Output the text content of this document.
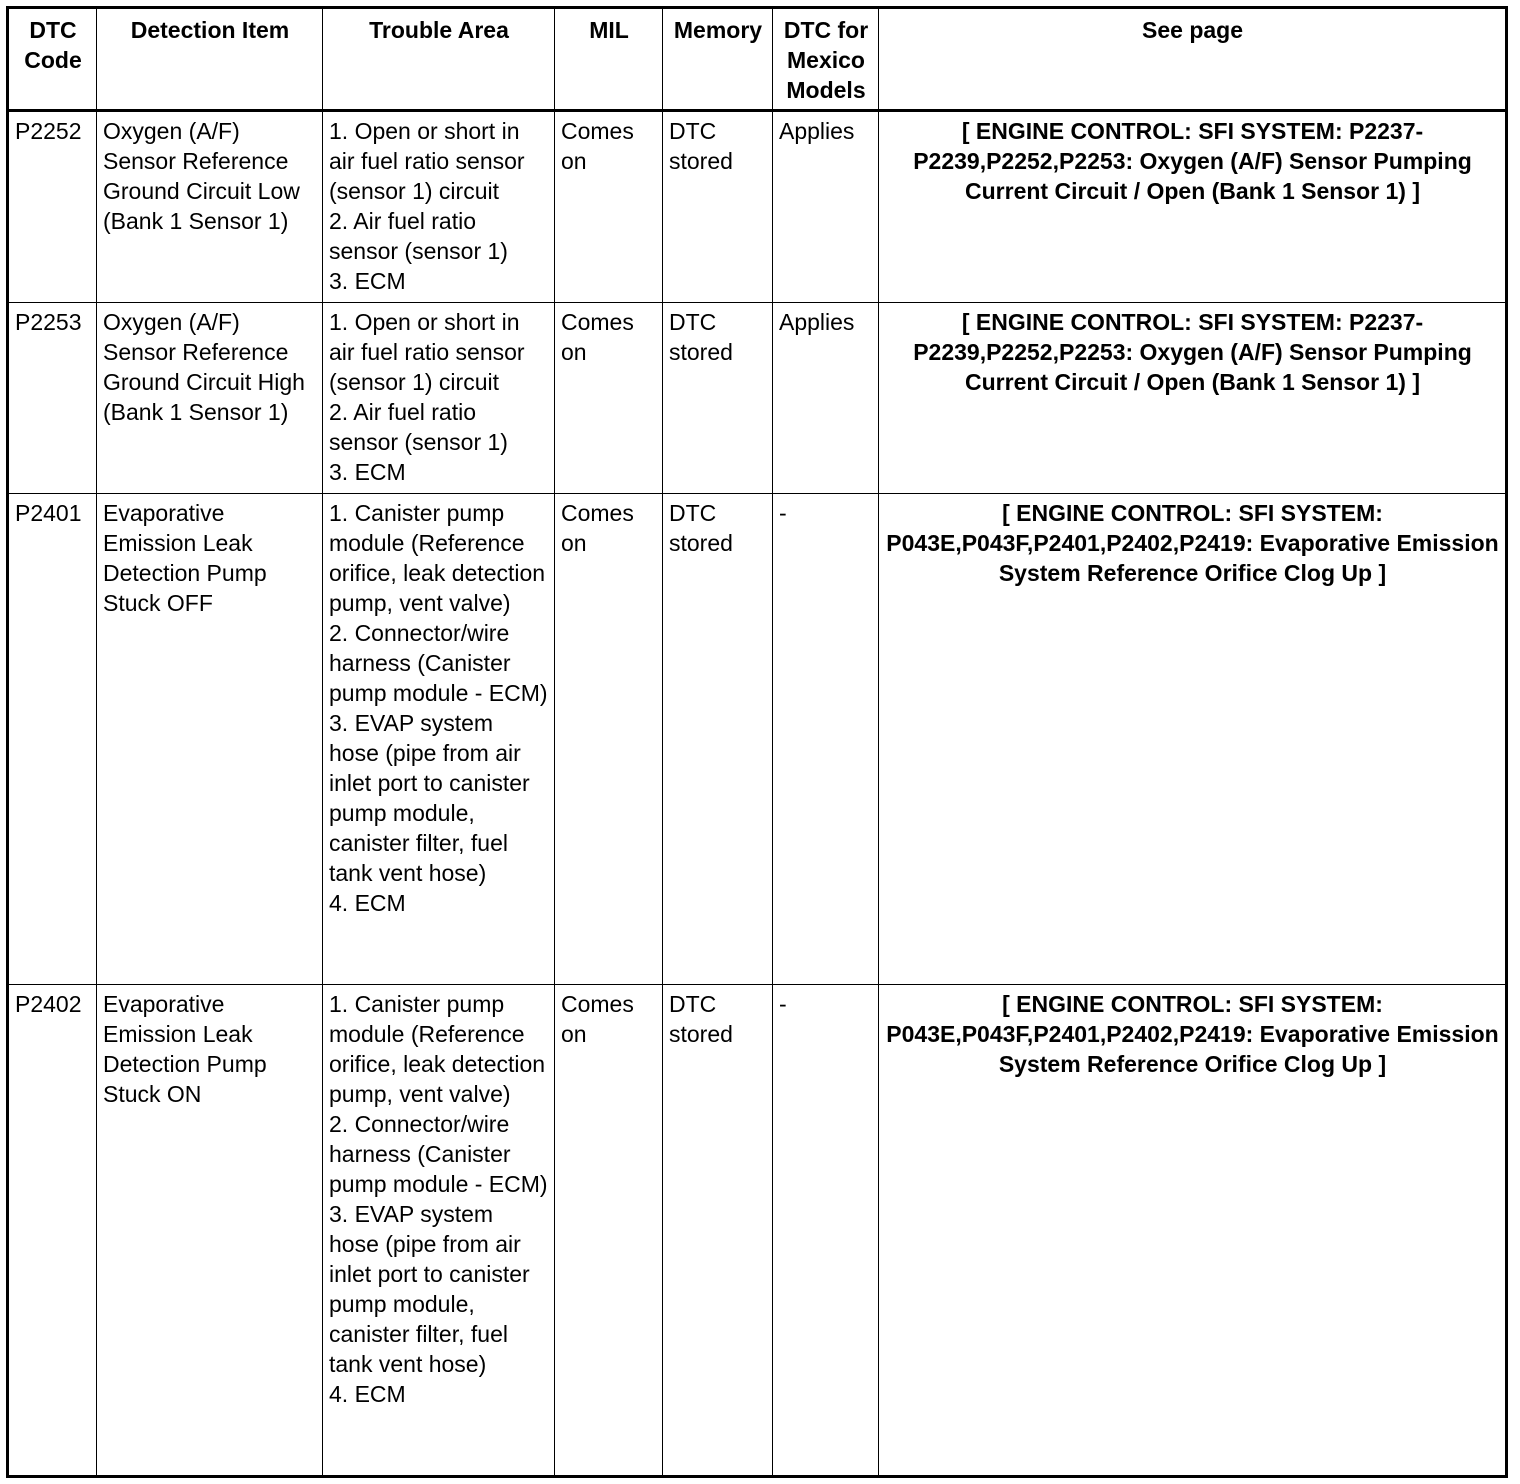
DTC Code	Detection Item	Trouble Area	MIL	Memory	DTC for Mexico Models	See page
P2252	Oxygen (A/F) Sensor Reference Ground Circuit Low (Bank 1 Sensor 1)	1. Open or short in air fuel ratio sensor (sensor 1) circuit
2. Air fuel ratio sensor (sensor 1)
3. ECM	Comes on	DTC stored	Applies	[ ENGINE CONTROL: SFI SYSTEM: P2237-P2239,P2252,P2253: Oxygen (A/F) Sensor Pumping Current Circuit / Open (Bank 1 Sensor 1) ]
P2253	Oxygen (A/F) Sensor Reference Ground Circuit High (Bank 1 Sensor 1)	1. Open or short in air fuel ratio sensor (sensor 1) circuit
2. Air fuel ratio sensor (sensor 1)
3. ECM	Comes on	DTC stored	Applies	[ ENGINE CONTROL: SFI SYSTEM: P2237-P2239,P2252,P2253: Oxygen (A/F) Sensor Pumping Current Circuit / Open (Bank 1 Sensor 1) ]
P2401	Evaporative Emission Leak Detection Pump Stuck OFF	1. Canister pump module (Reference orifice, leak detection pump, vent valve)
2. Connector/wire harness (Canister pump module - ECM)
3. EVAP system hose (pipe from air inlet port to canister pump module, canister filter, fuel tank vent hose)
4. ECM	Comes on	DTC stored	-	[ ENGINE CONTROL: SFI SYSTEM: P043E,P043F,P2401,P2402,P2419: Evaporative Emission System Reference Orifice Clog Up ]
P2402	Evaporative Emission Leak Detection Pump Stuck ON	1. Canister pump module (Reference orifice, leak detection pump, vent valve)
2. Connector/wire harness (Canister pump module - ECM)
3. EVAP system hose (pipe from air inlet port to canister pump module, canister filter, fuel tank vent hose)
4. ECM	Comes on	DTC stored	-	[ ENGINE CONTROL: SFI SYSTEM: P043E,P043F,P2401,P2402,P2419: Evaporative Emission System Reference Orifice Clog Up ]
